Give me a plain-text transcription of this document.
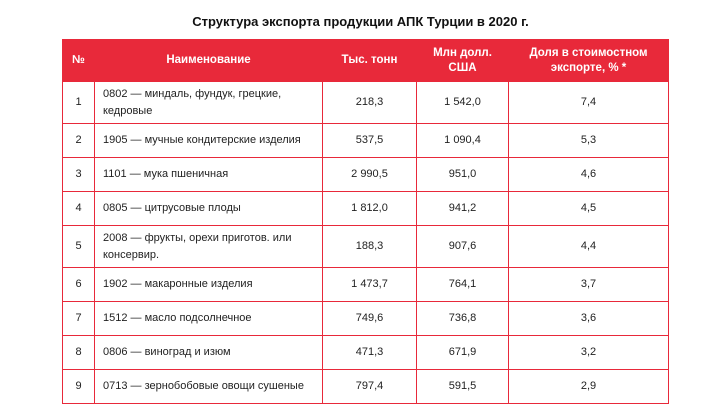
Структура экспорта продукции АПК Турции в 2020 г.
№	Наименование	Тыс. тонн	Млн долл. США	Доля в стоимостном экспорте, % *
1	0802 — миндаль, фундук, грецкие, кедровые	218,3	1 542,0	7,4
2	1905 — мучные кондитерские изделия	537,5	1 090,4	5,3
3	1101 — мука пшеничная	2 990,5	951,0	4,6
4	0805 — цитрусовые плоды	1 812,0	941,2	4,5
5	2008 — фрукты, орехи приготов. или консервир.	188,3	907,6	4,4
6	1902 — макаронные изделия	1 473,7	764,1	3,7
7	1512 — масло подсолнечное	749,6	736,8	3,6
8	0806 — виноград и изюм	471,3	671,9	3,2
9	0713 — зернобобовые овощи сушеные	797,4	591,5	2,9
